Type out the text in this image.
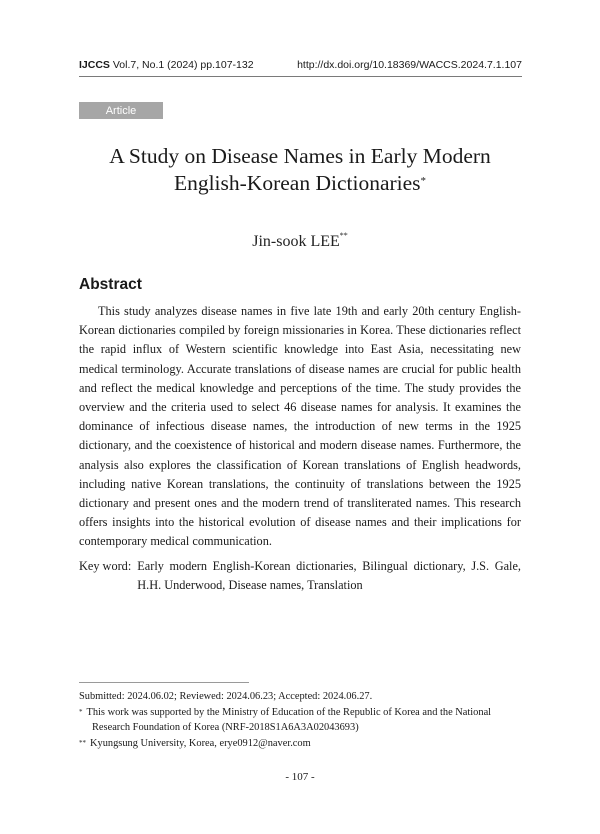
IJCCS Vol.7, No.1 (2024) pp.107-132	http://dx.doi.org/10.18369/WACCS.2024.7.1.107
Article
A Study on Disease Names in Early Modern
English-Korean Dictionaries*
Jin-sook LEE**
Abstract

This study analyzes disease names in five late 19th and early 20th century English-Korean dictionaries compiled by foreign missionaries in Korea. These dictionaries reflect the rapid influx of Western scientific knowledge into East Asia, necessitating new medical terminology. Accurate translations of disease names are crucial for public health and reflect the medical knowledge and perceptions of the time. The study provides the overview and the criteria used to select 46 disease names for analysis. It examines the dominance of infectious disease names, the introduction of new terms in the 1925 dictionary, and the coexistence of historical and modern disease names. Furthermore, the analysis also explores the classification of Korean translations of English headwords, including native Korean translations, the continuity of translations between the 1925 dictionary and present ones and the modern trend of transliterated names. This research offers insights into the historical evolution of disease names and their implications for contemporary medical communication.

Key word: Early modern English-Korean dictionaries, Bilingual dictionary, J.S. Gale, H.H. Underwood, Disease names, Translation

Submitted: 2024.06.02; Reviewed: 2024.06.23; Accepted: 2024.06.27.

* This work was supported by the Ministry of Education of the Republic of Korea and the National
Research Foundation of Korea (NRF-2018S1A6A3A02043693)

** Kyungsung University, Korea, erye0912@naver.com

- 107 -
